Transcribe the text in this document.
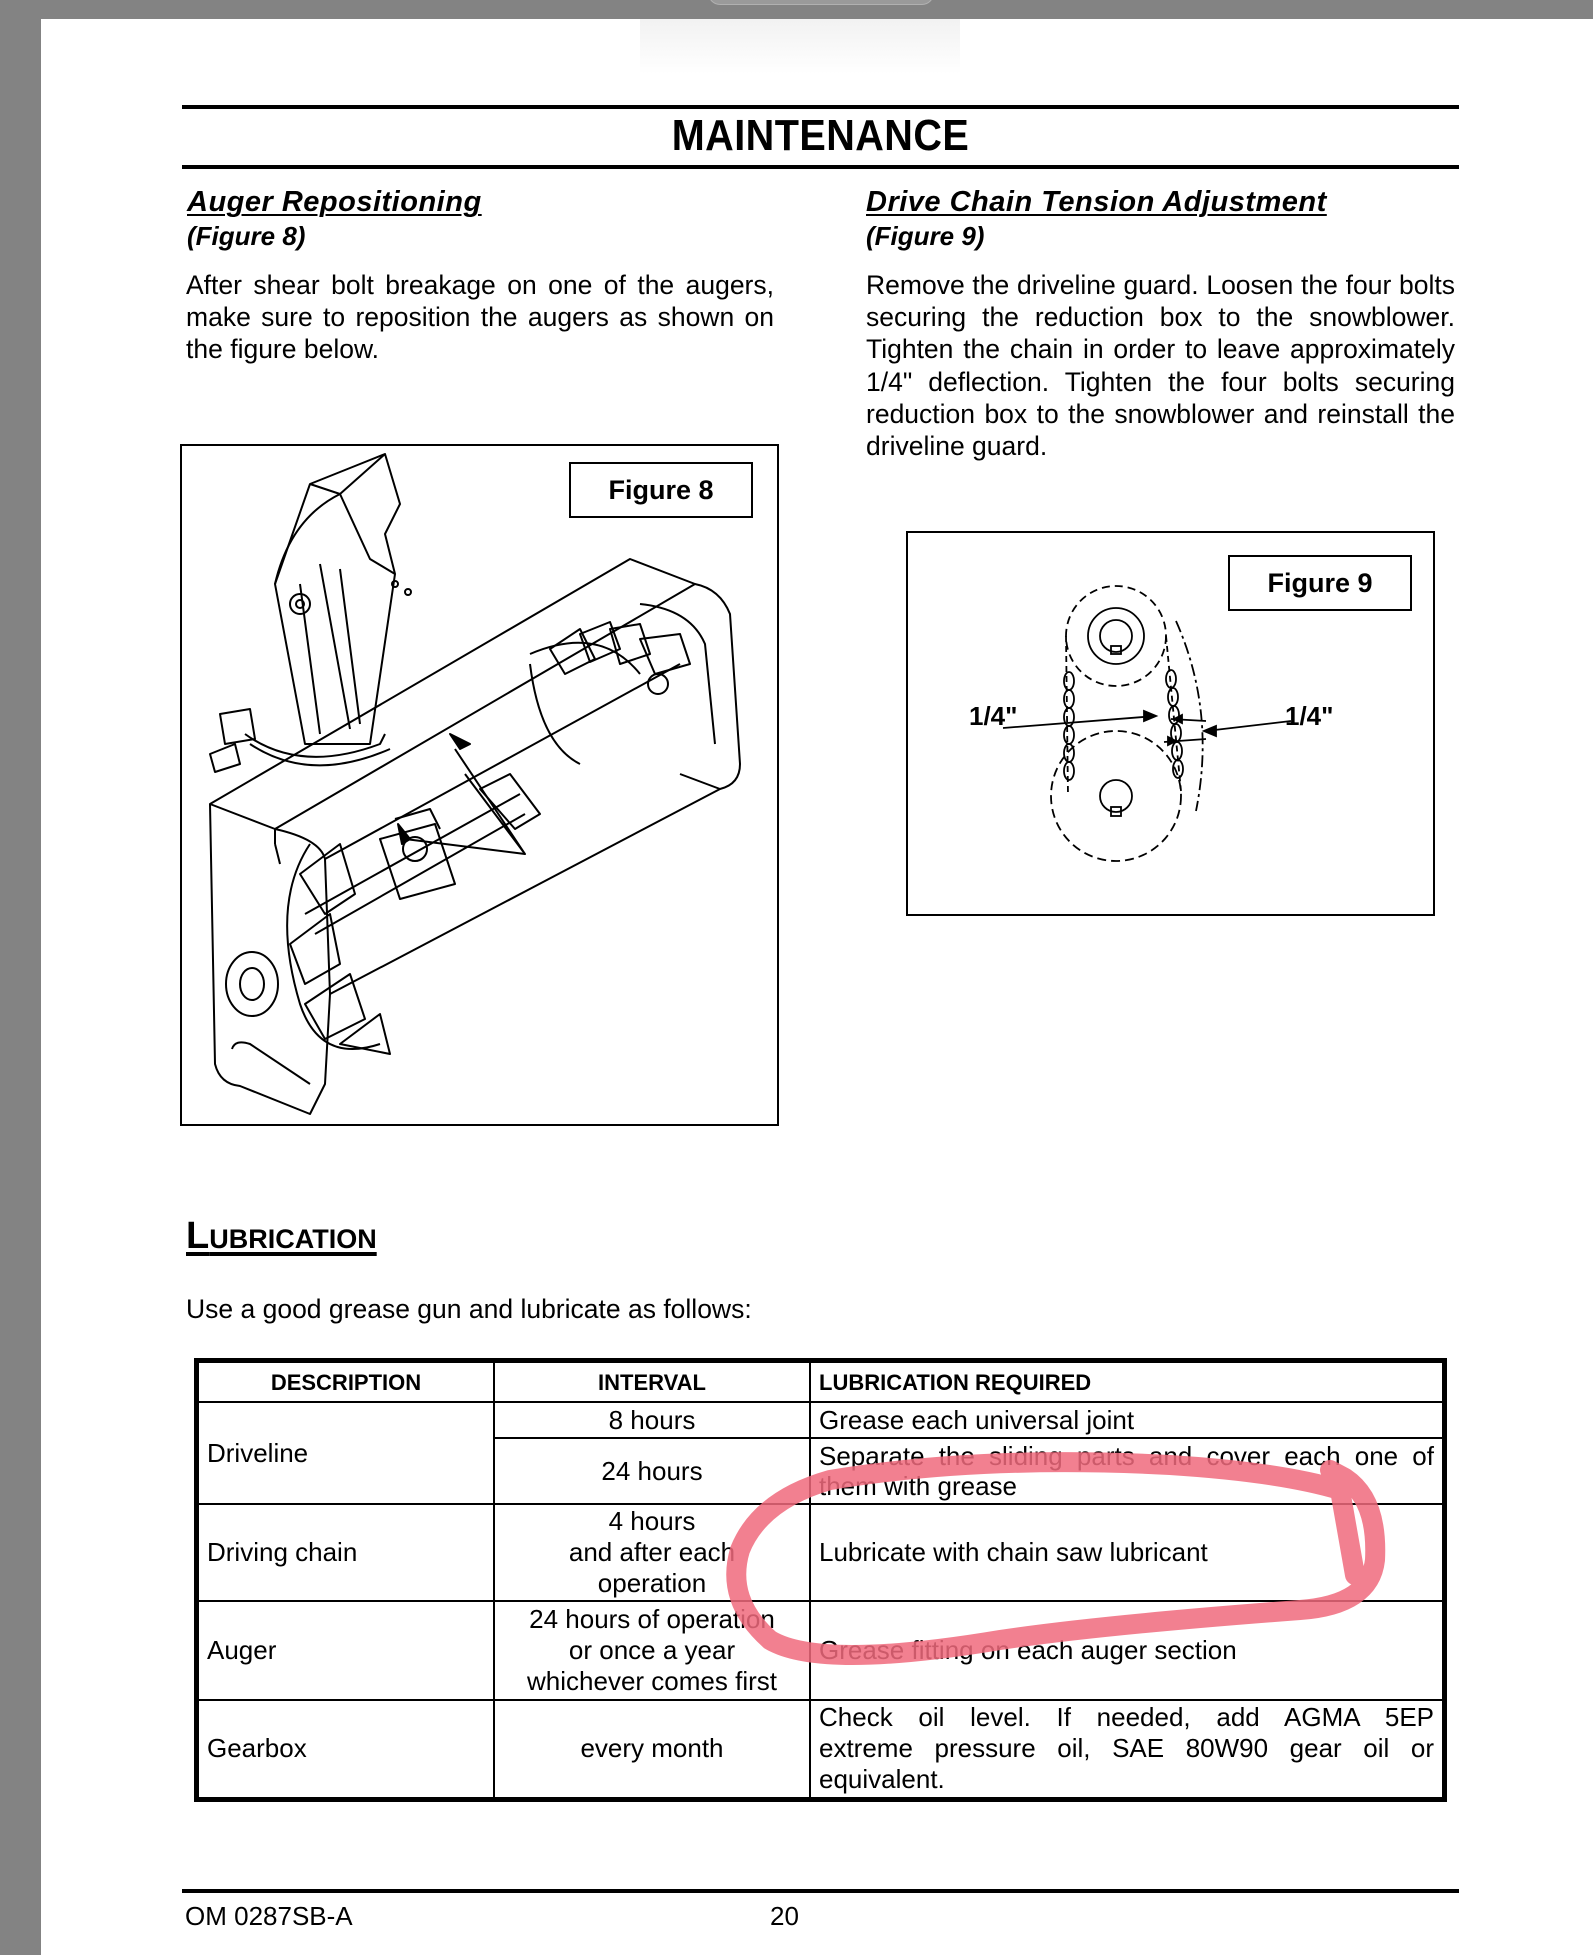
MAINTENANCE
Auger Repositioning
(Figure 8)
After shear bolt breakage on one of the augers, make sure to reposition the augers as shown on the figure below.
Drive Chain Tension Adjustment
(Figure 9)
Remove the driveline guard. Loosen the four bolts securing the reduction box to the snowblower. Tighten the chain in order to leave approximately 1/4" deflection. Tighten the four bolts securing reduction box to the snowblower and reinstall the driveline guard.
Figure 8
1/4"	1/4"
Figure 9
LUBRICATION
Use a good grease gun and lubricate as follows:
DESCRIPTION	INTERVAL	LUBRICATION REQUIRED
Driveline	8 hours	Grease each universal joint
	24 hours	Separate the sliding parts and cover each one of them with grease
Driving chain	4 hours
and after each
operation	Lubricate with chain saw lubricant
Auger	24 hours of operation
or once a year
whichever comes first	Grease fitting on each auger section
Gearbox	every month	Check oil level. If needed, add AGMA 5EP extreme pressure oil, SAE 80W90 gear oil or equivalent.
OM 0287SB-A	20
